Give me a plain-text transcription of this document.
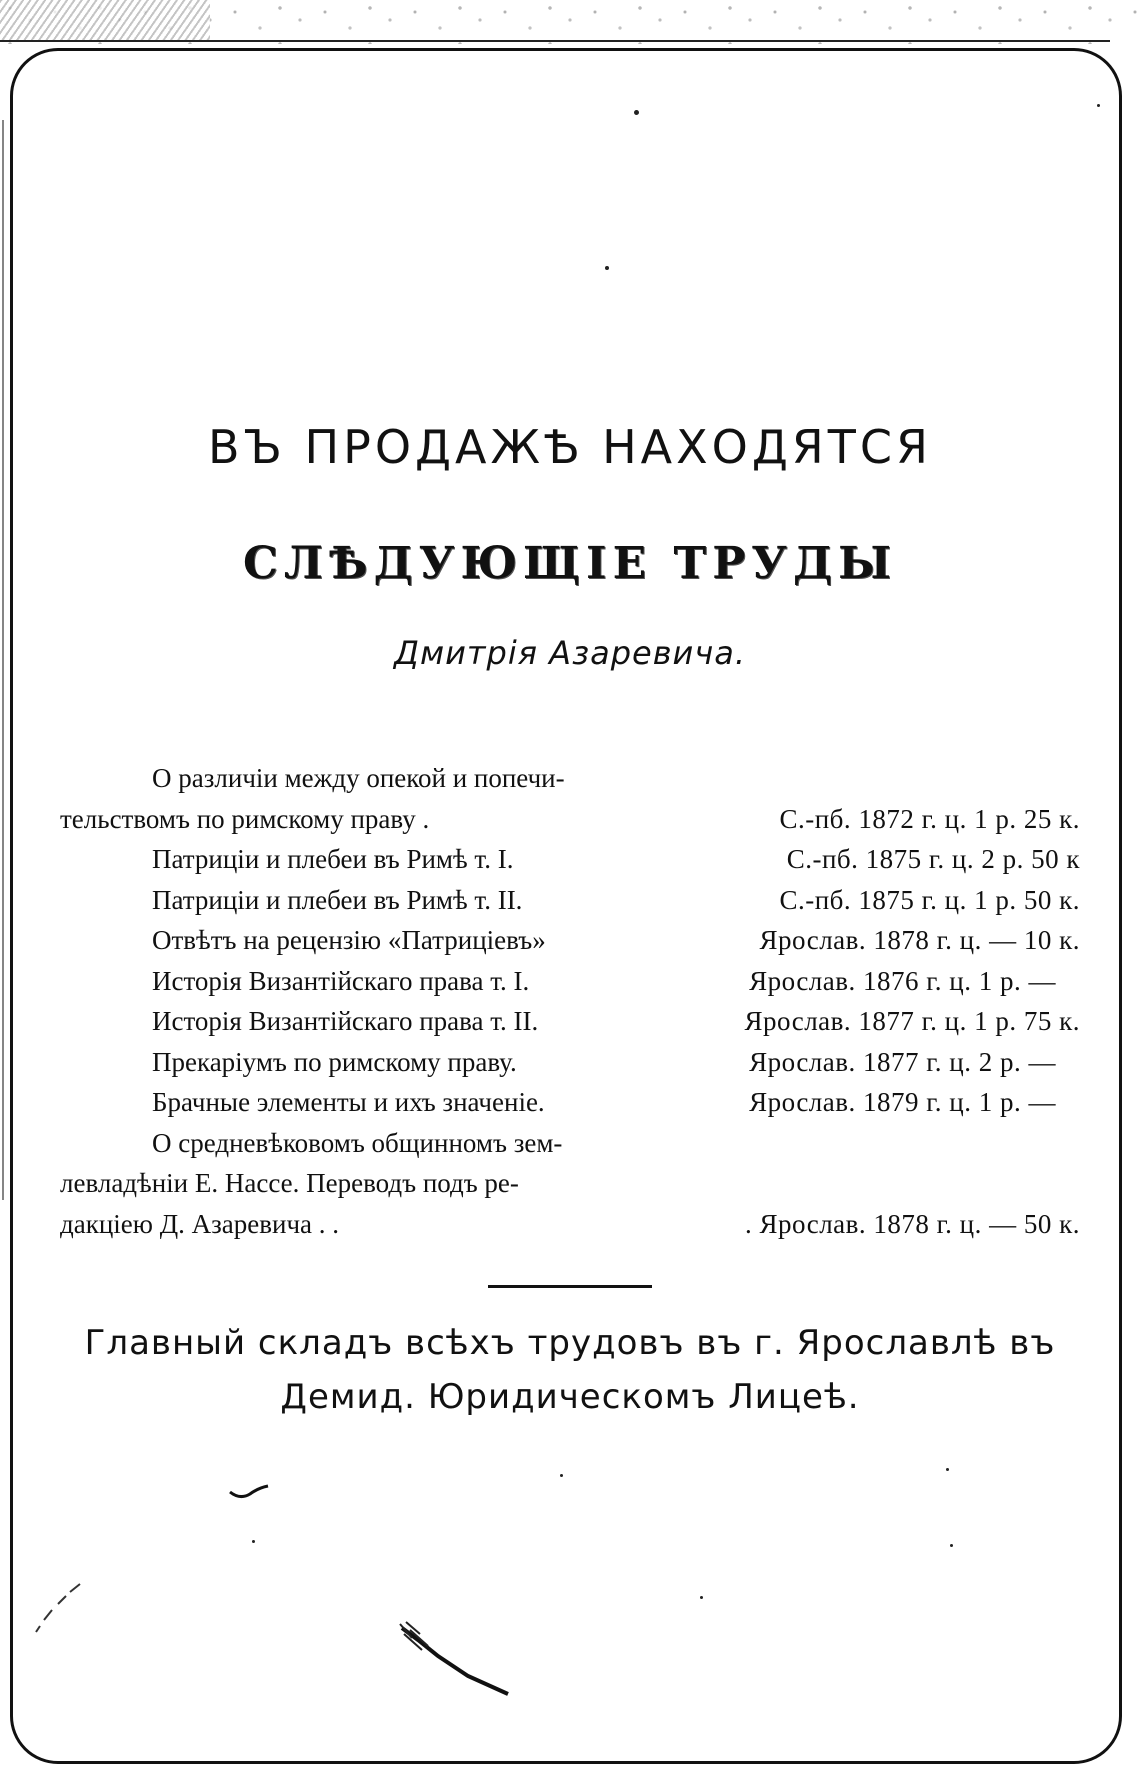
ВЪ ПРОДАЖѢ НАХОДЯТСЯ
СЛѢДУЮЩІЕ ТРУДЫ
Дмитрія Азаревича.
О различіи между опекой и попечи-
тельствомъ по римскому праву .	С.-пб. 1872 г. ц. 1 р. 25 к.
Патриціи и плебеи въ Римѣ т. I.	С.-пб. 1875 г. ц. 2 р. 50 к
Патриціи и плебеи въ Римѣ т. II.	С.-пб. 1875 г. ц. 1 р. 50 к.
Отвѣтъ на рецензію «Патриціевъ»	Ярослав. 1878 г. ц. — 10 к.
Исторія Византійскаго права т. I.	Ярослав. 1876 г. ц. 1 р. —
Исторія Византійскаго права т. II.	Ярослав. 1877 г. ц. 1 р. 75 к.
Прекаріумъ по римскому праву.	Ярослав. 1877 г. ц. 2 р. —
Брачные элементы и ихъ значеніе.	Ярослав. 1879 г. ц. 1 р. —
О средневѣковомъ общинномъ зем-
левладѣніи Е. Нассе. Переводъ подъ ре-
дакціею Д. Азаревича . .	. Ярослав. 1878 г. ц. — 50 к.
Главный складъ всѣхъ трудовъ въ г. Ярославлѣ въ
Демид. Юридическомъ Лицеѣ.
